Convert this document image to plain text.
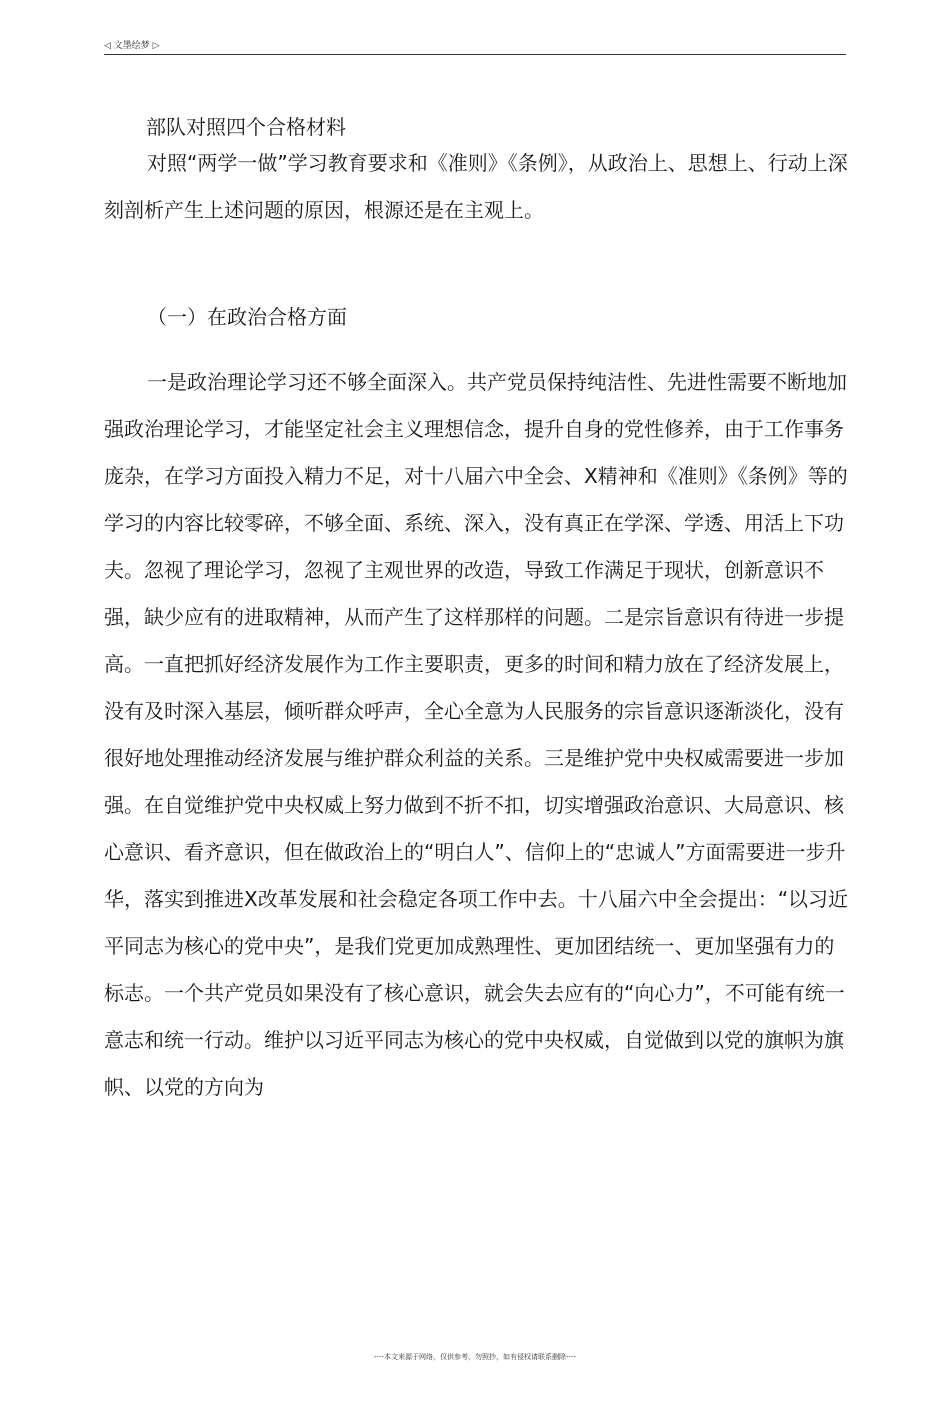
◁ 文墨绘梦 ▷
部队对照四个合格材料

对照“两学一做”学习教育要求和《准则》《条例》，从政治上、思想上、行动上深刻剖析产生上述问题的原因，根源还是在主观上。

（一）在政治合格方面

一是政治理论学习还不够全面深入。共产党员保持纯洁性、先进性需要不断地加强政治理论学习，才能坚定社会主义理想信念，提升自身的党性修养，由于工作事务庞杂，在学习方面投入精力不足，对十八届六中全会、X精神和《准则》《条例》等的学习的内容比较零碎，不够全面、系统、深入，没有真正在学深、学透、用活上下功夫。忽视了理论学习，忽视了主观世界的改造，导致工作满足于现状，创新意识不强，缺少应有的进取精神，从而产生了这样那样的问题。二是宗旨意识有待进一步提高。一直把抓好经济发展作为工作主要职责，更多的时间和精力放在了经济发展上，没有及时深入基层，倾听群众呼声，全心全意为人民服务的宗旨意识逐渐淡化，没有很好地处理推动经济发展与维护群众利益的关系。三是维护党中央权威需要进一步加强。在自觉维护党中央权威上努力做到不折不扣，切实增强政治意识、大局意识、核心意识、看齐意识，但在做政治上的“明白人”、信仰上的“忠诚人”方面需要进一步升华，落实到推进X改革发展和社会稳定各项工作中去。十八届六中全会提出：“以习近平同志为核心的党中央”，是我们党更加成熟理性、更加团结统一、更加坚强有力的标志。一个共产党员如果没有了核心意识，就会失去应有的“向心力”，不可能有统一意志和统一行动。维护以习近平同志为核心的党中央权威，自觉做到以党的旗帜为旗帜、以党的方向为

----本文来源于网络，仅供参考，勿照抄，如有侵权请联系删除----
